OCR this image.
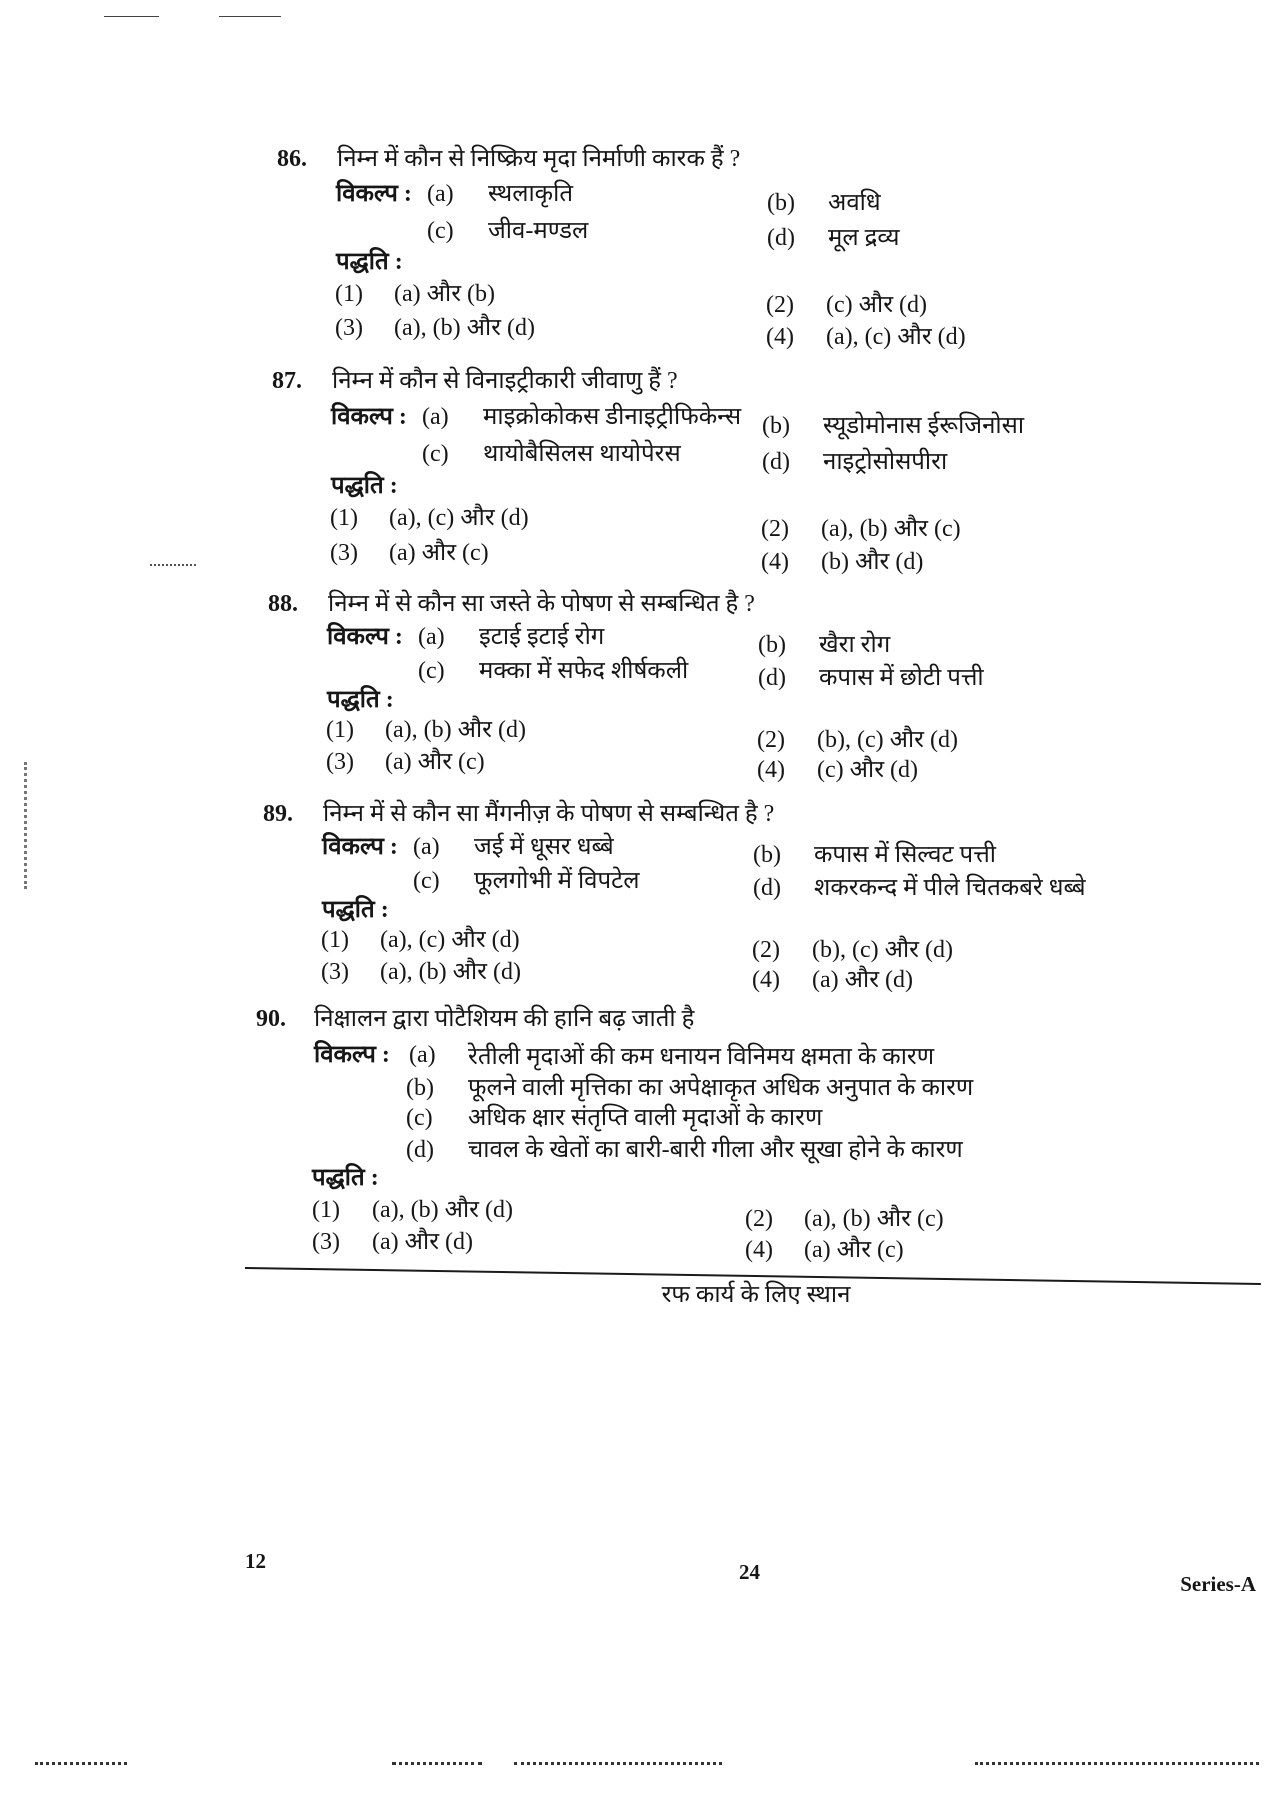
86. निम्न में कौन से निष्क्रिय मृदा निर्माणी कारक हैं ?
विकल्प : (a) स्थलाकृति	(b) अवधि
(c) जीव-मण्डल	(d) मूल द्रव्य
पद्धति :
(1) (a) और (b)	(2) (c) और (d)
(3) (a), (b) और (d)	(4) (a), (c) और (d)
87. निम्न में कौन से विनाइट्रीकारी जीवाणु हैं ?
विकल्प : (a) माइक्रोकोकस डीनाइट्रीफिकेन्स (b) स्यूडोमोनास ईरूजिनोसा
(c) थायोबैसिलस थायोपेरस	(d) नाइट्रोसोसपीरा
पद्धति :
(1) (a), (c) और (d)	(2) (a), (b) और (c)
(3) (a) और (c)	(4) (b) और (d)
88. निम्न में से कौन सा जस्ते के पोषण से सम्बन्धित है ?
विकल्प : (a) इटाई इटाई रोग	(b) खैरा रोग
(c) मक्का में सफेद शीर्षकली	(d) कपास में छोटी पत्ती
पद्धति :
(1) (a), (b) और (d)	(2) (b), (c) और (d)
(3) (a) और (c)	(4) (c) और (d)
89. निम्न में से कौन सा मैंगनीज़ के पोषण से सम्बन्धित है ?
विकल्प : (a) जई में धूसर धब्बे	(b) कपास में सिल्वट पत्ती
(c) फूलगोभी में विपटेल	(d) शकरकन्द में पीले चितकबरे धब्बे
पद्धति :
(1) (a), (c) और (d)	(2) (b), (c) और (d)
(3) (a), (b) और (d)	(4) (a) और (d)
90. निक्षालन द्वारा पोटैशियम की हानि बढ़ जाती है
विकल्प : (a) रेतीली मृदाओं की कम धनायन विनिमय क्षमता के कारण
(b) फूलने वाली मृत्तिका का अपेक्षाकृत अधिक अनुपात के कारण
(c) अधिक क्षार संतृप्ति वाली मृदाओं के कारण
(d) चावल के खेतों का बारी-बारी गीला और सूखा होने के कारण
पद्धति :
(1) (a), (b) और (d)	(2) (a), (b) और (c)
(3) (a) और (d)	(4) (a) और (c)
रफ कार्य के लिए स्थान
12	24	Series-A
